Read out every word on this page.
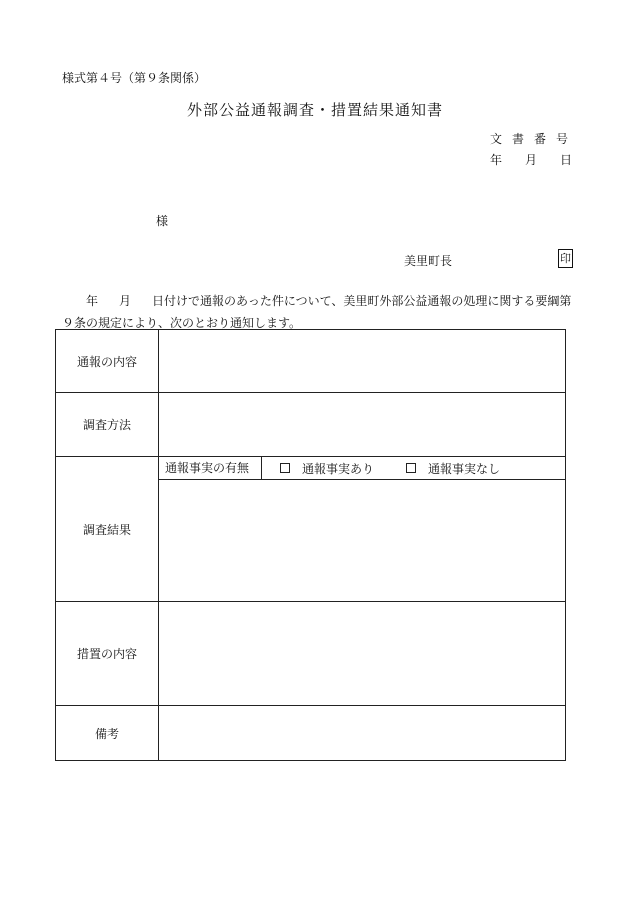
様式第４号（第９条関係）
外部公益通報調査・措置結果通知書
文書番号
年 月 日
様
美里町長	印
年 月 日付けで通報のあった件について、美里町外部公益通報の処理に関する要綱第９条の規定により、次のとおり通知します。
通報の内容	
調査方法	
調査結果	通報事実の有無 通報事実あり 通報事実なし

措置の内容	
備考	
